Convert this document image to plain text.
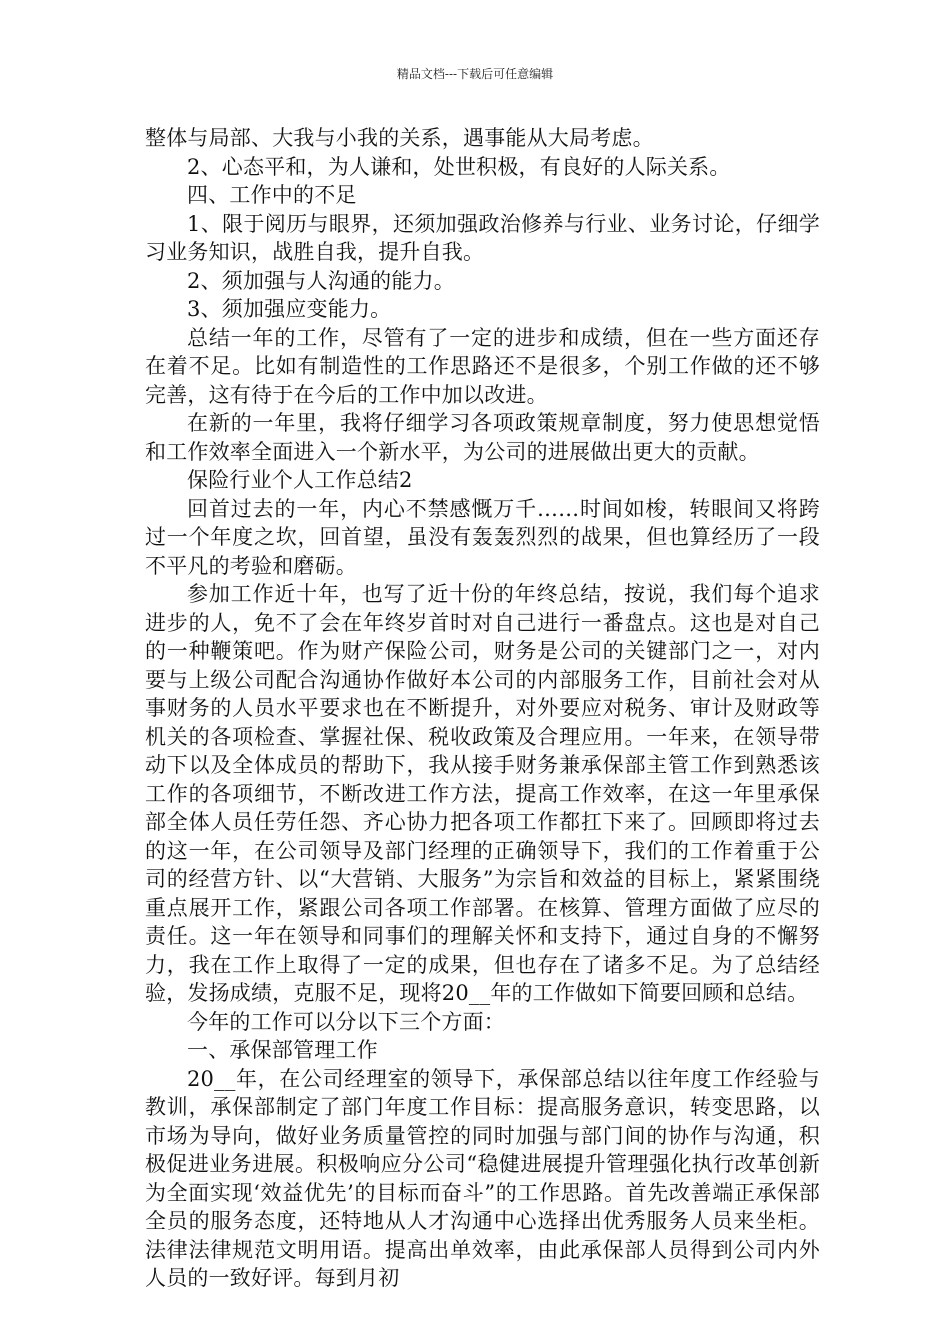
精品文档---下载后可任意编辑

整体与局部、大我与小我的关系，遇事能从大局考虑。

2、心态平和，为人谦和，处世积极，有良好的人际关系。

四、工作中的不足

1、限于阅历与眼界，还须加强政治修养与行业、业务讨论，仔细学习业务知识，战胜自我，提升自我。

2、须加强与人沟通的能力。

3、须加强应变能力。

总结一年的工作，尽管有了一定的进步和成绩，但在一些方面还存在着不足。比如有制造性的工作思路还不是很多，个别工作做的还不够完善，这有待于在今后的工作中加以改进。

在新的一年里，我将仔细学习各项政策规章制度，努力使思想觉悟和工作效率全面进入一个新水平，为公司的进展做出更大的贡献。

保险行业个人工作总结2

回首过去的一年，内心不禁感慨万千……时间如梭，转眼间又将跨过一个年度之坎，回首望，虽没有轰轰烈烈的战果，但也算经历了一段不平凡的考验和磨砺。

参加工作近十年，也写了近十份的年终总结，按说，我们每个追求进步的人，免不了会在年终岁首时对自己进行一番盘点。这也是对自己的一种鞭策吧。作为财产保险公司，财务是公司的关键部门之一，对内要与上级公司配合沟通协作做好本公司的内部服务工作，目前社会对从事财务的人员水平要求也在不断提升，对外要应对税务、审计及财政等机关的各项检查、掌握社保、税收政策及合理应用。一年来，在领导带动下以及全体成员的帮助下，我从接手财务兼承保部主管工作到熟悉该工作的各项细节，不断改进工作方法，提高工作效率，在这一年里承保部全体人员任劳任怨、齐心协力把各项工作都扛下来了。回顾即将过去的这一年，在公司领导及部门经理的正确领导下，我们的工作着重于公司的经营方针、以“大营销、大服务”为宗旨和效益的目标上，紧紧围绕重点展开工作，紧跟公司各项工作部署。在核算、管理方面做了应尽的责任。这一年在领导和同事们的理解关怀和支持下，通过自身的不懈努力，我在工作上取得了一定的成果，但也存在了诸多不足。为了总结经验，发扬成绩，克服不足，现将20__年的工作做如下简要回顾和总结。

今年的工作可以分以下三个方面：

一、承保部管理工作

20__年，在公司经理室的领导下，承保部总结以往年度工作经验与教训，承保部制定了部门年度工作目标：提高服务意识，转变思路，以市场为导向，做好业务质量管控的同时加强与部门间的协作与沟通，积极促进业务进展。积极响应分公司“稳健进展提升管理强化执行改革创新为全面实现‘效益优先’的目标而奋斗”的工作思路。首先改善端正承保部全员的服务态度，还特地从人才沟通中心选择出优秀服务人员来坐柜。法律法律规范文明用语。提高出单效率，由此承保部人员得到公司内外人员的一致好评。每到月初
